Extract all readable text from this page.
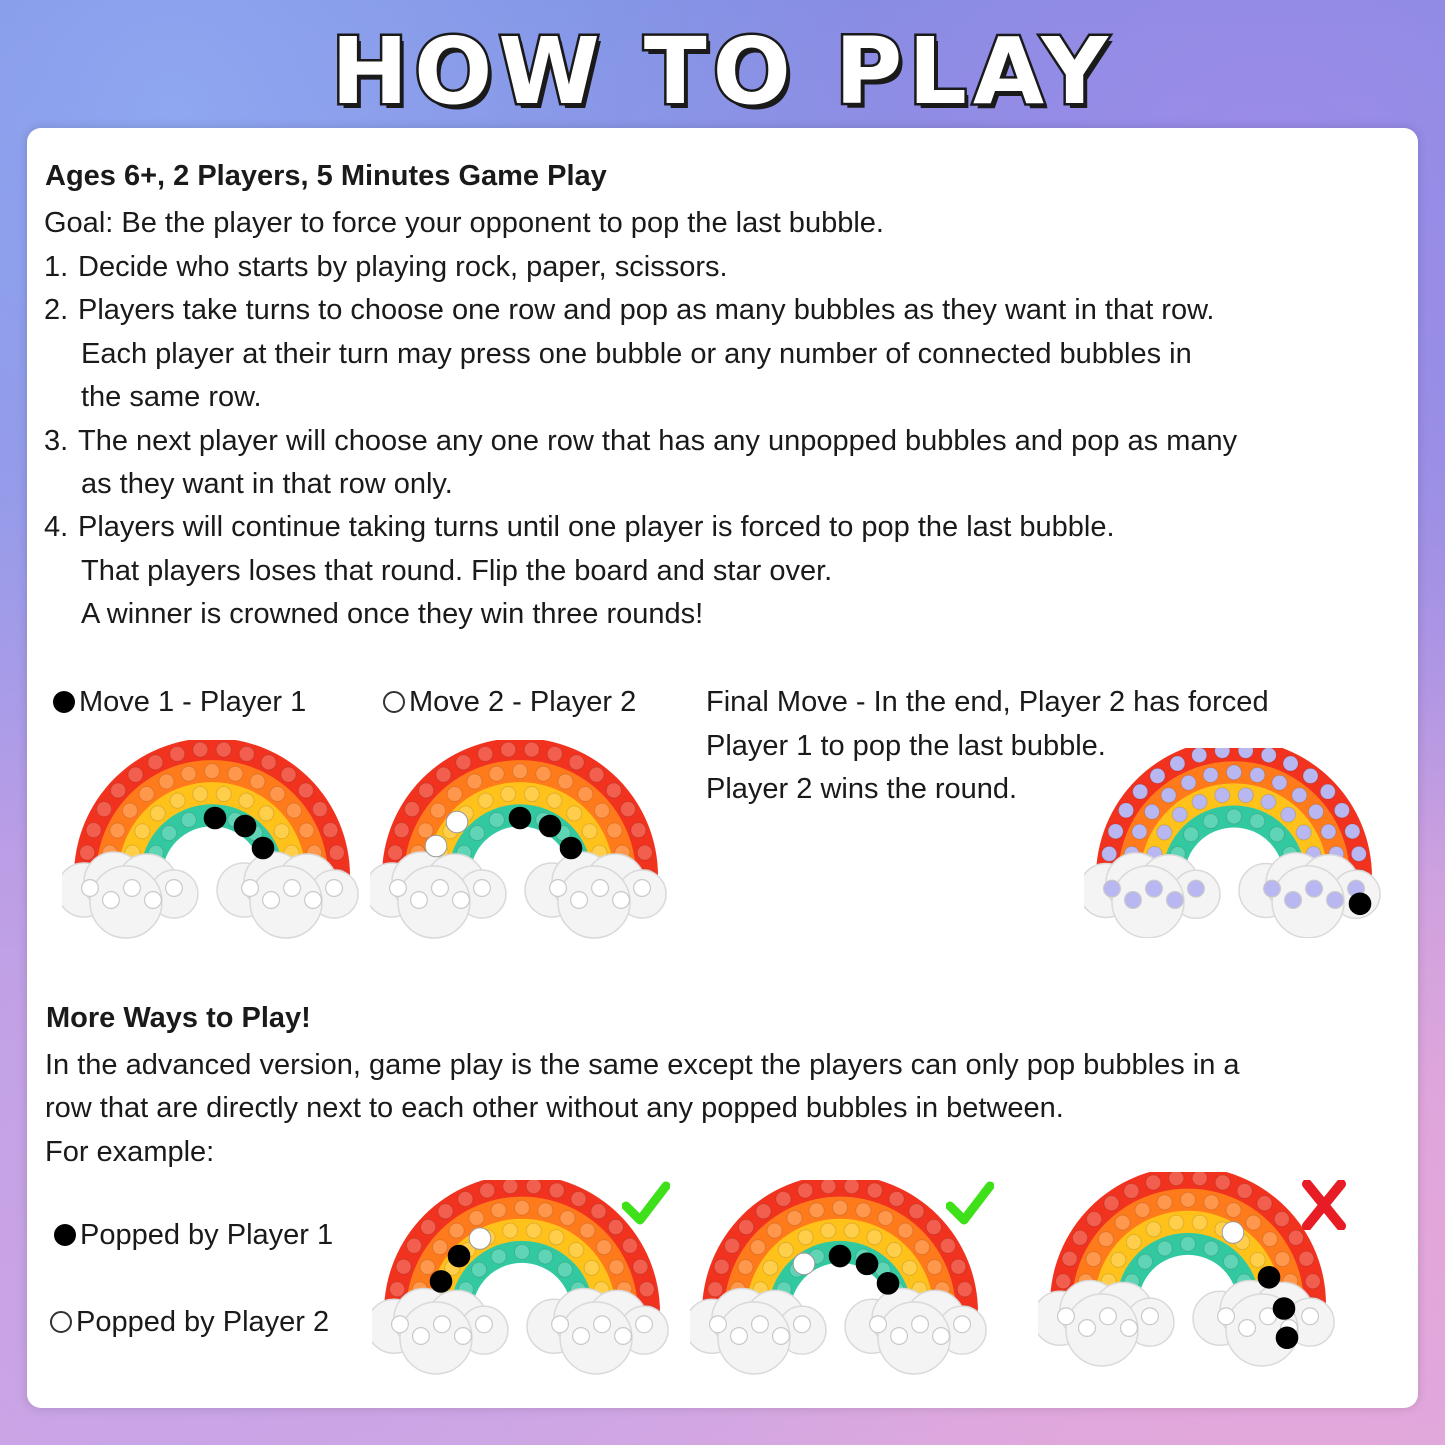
HOW TO PLAY
Ages 6+, 2 Players, 5 Minutes Game Play
Goal: Be the player to force your opponent to pop the last bubble.
1. Decide who starts by playing rock, paper, scissors.
2. Players take turns to choose one row and pop as many bubbles as they want in that row.
Each player at their turn may press one bubble or any number of connected bubbles in
the same row.
3. The next player will choose any one row that has any unpopped bubbles and pop as many
as they want in that row only.
4. Players will continue taking turns until one player is forced to pop the last bubble.
That players loses that round. Flip the board and star over.
A winner is crowned once they win three rounds!
Move 1 - Player 1	Move 2 - Player 2 Final Move - In the end, Player 2 has forced
Player 1 to pop the last bubble.
Player 2 wins the round.
More Ways to Play!
In the advanced version, game play is the same except the players can only pop bubbles in a
row that are directly next to each other without any popped bubbles in between.
For example:
Popped by Player 1
Popped by Player 2
